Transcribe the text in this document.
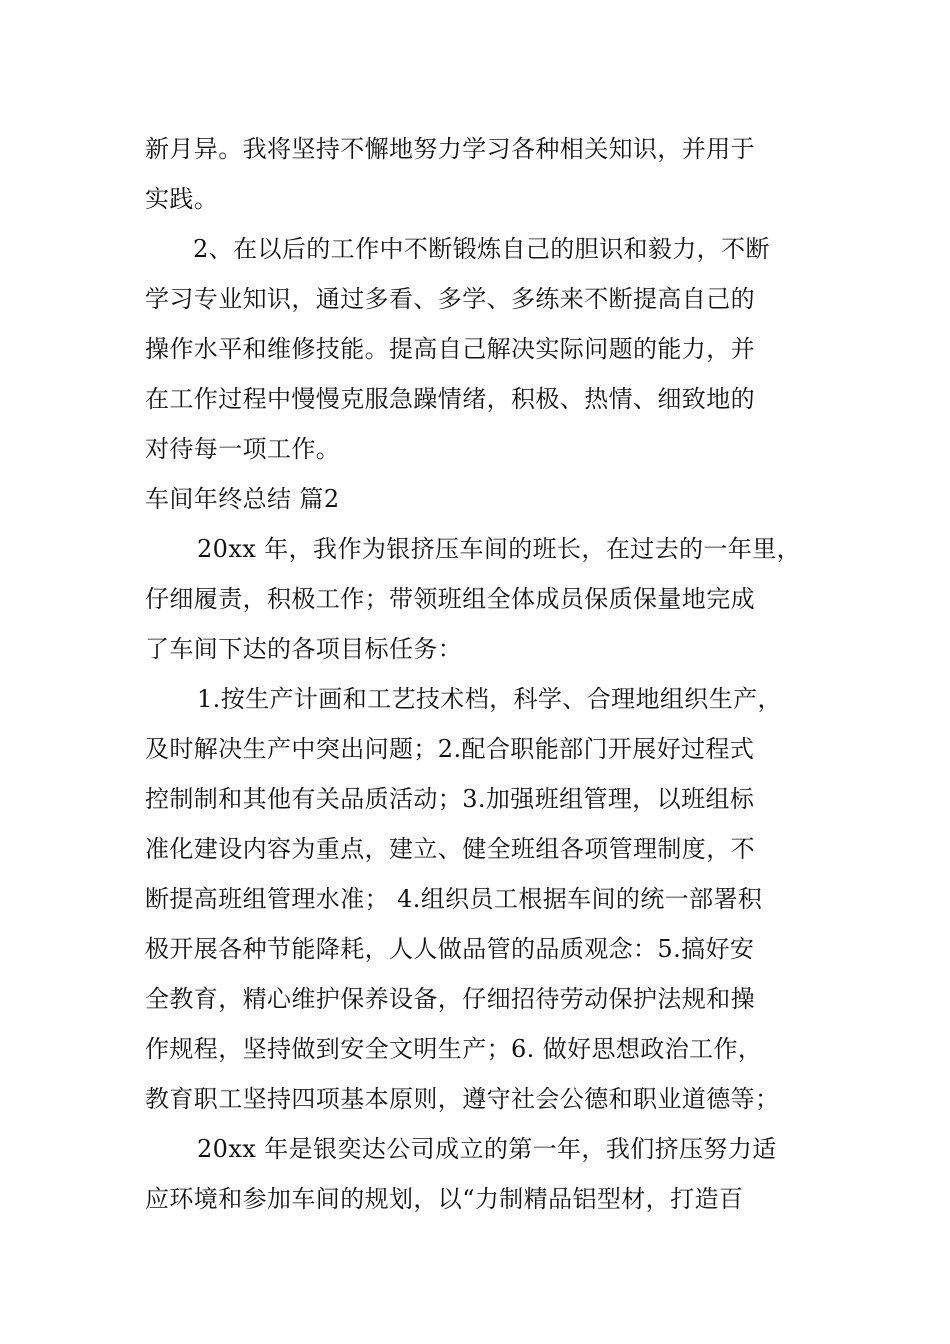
新月异。我将坚持不懈地努力学习各种相关知识，并用于
实践。
2、在以后的工作中不断锻炼自己的胆识和毅力，不断
学习专业知识，通过多看、多学、多练来不断提高自己的
操作水平和维修技能。提高自己解决实际问题的能力，并
在工作过程中慢慢克服急躁情绪，积极、热情、细致地的
对待每一项工作。
车间年终总结 篇2
20xx 年，我作为银挤压车间的班长，在过去的一年里，
仔细履责，积极工作；带领班组全体成员保质保量地完成
了车间下达的各项目标任务：
1.按生产计画和工艺技术档，科学、合理地组织生产，
及时解决生产中突出问题；2.配合职能部门开展好过程式
控制制和其他有关品质活动；3.加强班组管理，以班组标
准化建设内容为重点，建立、健全班组各项管理制度，不
断提高班组管理水准； 4.组织员工根据车间的统一部署积
极开展各种节能降耗，人人做品管的品质观念：5.搞好安
全教育，精心维护保养设备，仔细招待劳动保护法规和操
作规程，坚持做到安全文明生产；6. 做好思想政治工作，
教育职工坚持四项基本原则，遵守社会公德和职业道德等；
20xx 年是银奕达公司成立的第一年，我们挤压努力适
应环境和参加车间的规划，以“力制精品铝型材，打造百
